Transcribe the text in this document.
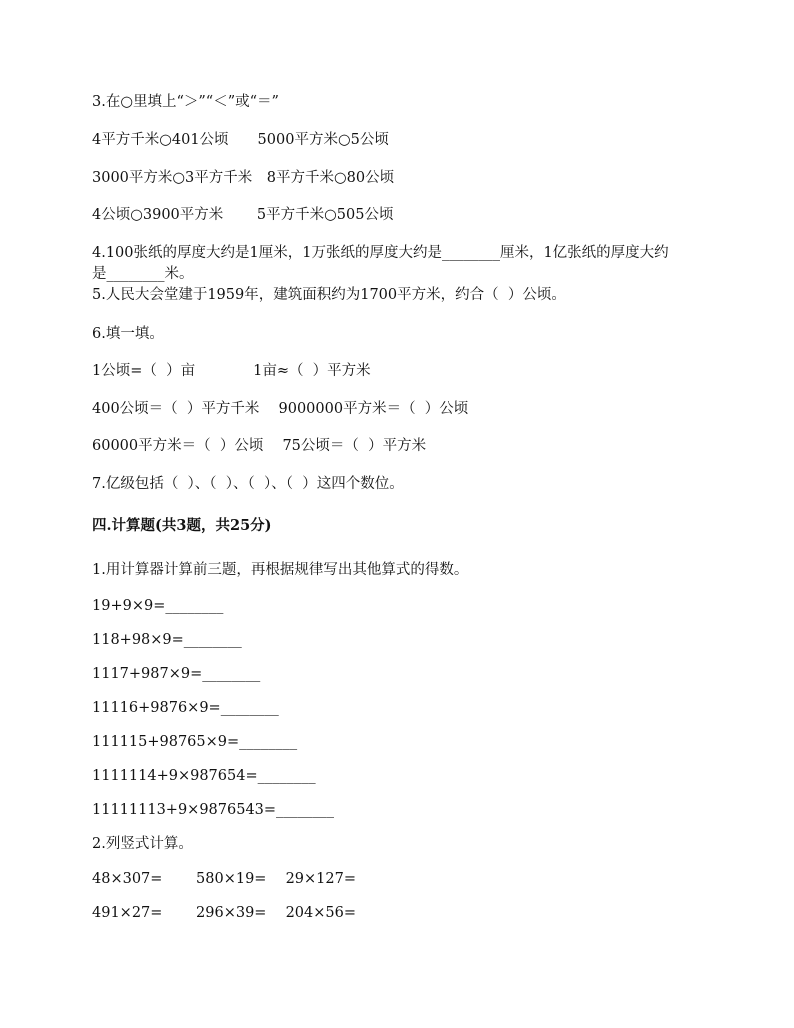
3.在○里填上“＞”“＜”或“＝”
4平方千米○401公顷　　5000平方米○5公顷
3000平方米○3平方千米　8平方千米○80公顷
4公顷○3900平方米　　 5平方千米○505公顷
4.100张纸的厚度大约是1厘米，1万张纸的厚度大约是________厘米，1亿张纸的厚度大约
是________米。
5.人民大会堂建于1959年，建筑面积约为1700平方米，约合（  ）公顷。
6.填一填。
1公顷=（  ）亩　　　　1亩≈（  ）平方米
400公顷＝（  ）平方千米　 9000000平方米＝（  ）公顷
60000平方米＝（  ）公顷　 75公顷＝（  ）平方米
7.亿级包括（  ）、（  ）、（  ）、（  ）这四个数位。
四.计算题(共3题，共25分)
1.用计算器计算前三题，再根据规律写出其他算式的得数。
19+9×9=________
118+98×9=________
1117+987×9=________
11116+9876×9=________
111115+98765×9=________
1111114+9×987654=________
11111113+9×9876543=________
2.列竖式计算。
48×307=　　 580×19=　 29×127=
491×27=　　 296×39=　 204×56=
